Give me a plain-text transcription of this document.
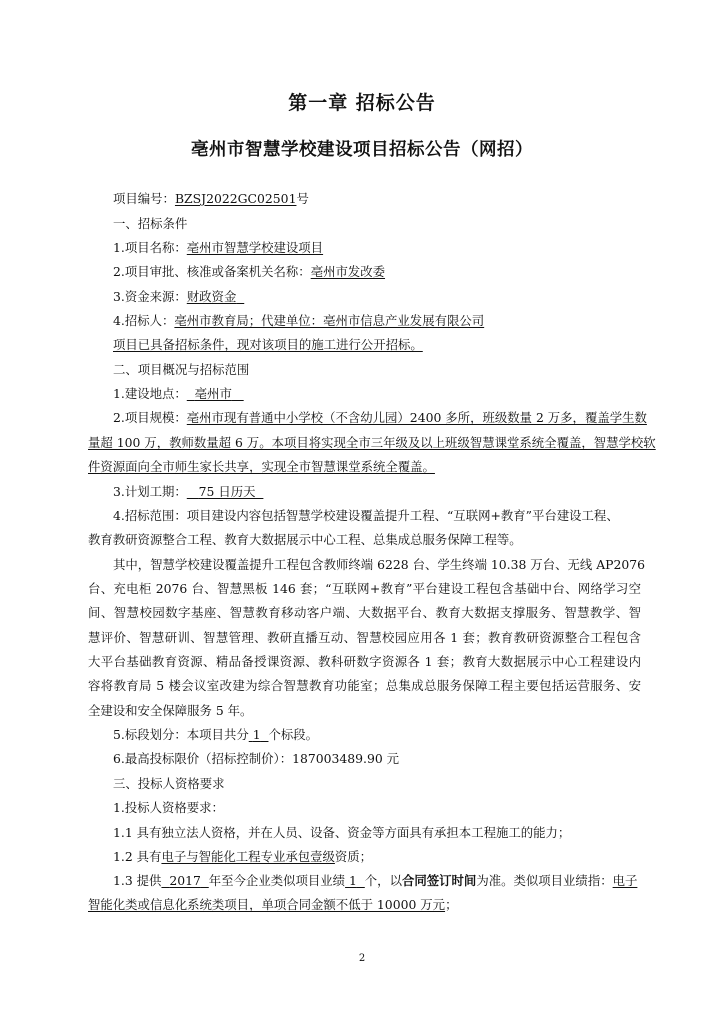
第一章 招标公告
亳州市智慧学校建设项目招标公告（网招）
项目编号：BZSJ2022GC02501号
一、招标条件
1.项目名称：亳州市智慧学校建设项目
2.项目审批、核准或备案机关名称：亳州市发改委
3.资金来源：财政资金
4.招标人：亳州市教育局；代建单位：亳州市信息产业发展有限公司
项目已具备招标条件，现对该项目的施工进行公开招标。
二、项目概况与招标范围
1.建设地点： 亳州市
2.项目规模：亳州市现有普通中小学校（不含幼儿园）2400 多所，班级数量 2 万多，覆盖学生数
量超 100 万，教师数量超 6 万。本项目将实现全市三年级及以上班级智慧课堂系统全覆盖，智慧学校软
件资源面向全市师生家长共享，实现全市智慧课堂系统全覆盖。
3.计划工期： 75 日历天
4.招标范围：项目建设内容包括智慧学校建设覆盖提升工程、“互联网+教育”平台建设工程、
教育教研资源整合工程、教育大数据展示中心工程、总集成总服务保障工程等。
其中，智慧学校建设覆盖提升工程包含教师终端 6228 台、学生终端 10.38 万台、无线 AP2076
台、充电柜 2076 台、智慧黑板 146 套；“互联网+教育”平台建设工程包含基础中台、网络学习空
间、智慧校园数字基座、智慧教育移动客户端、大数据平台、教育大数据支撑服务、智慧教学、智
慧评价、智慧研训、智慧管理、教研直播互动、智慧校园应用各 1 套；教育教研资源整合工程包含
大平台基础教育资源、精品备授课资源、教科研数字资源各 1 套；教育大数据展示中心工程建设内
容将教育局 5 楼会议室改建为综合智慧教育功能室；总集成总服务保障工程主要包括运营服务、安
全建设和安全保障服务 5 年。
5.标段划分：本项目共分 1 个标段。
6.最高投标限价（招标控制价）：187003489.90 元
三、投标人资格要求
1.投标人资格要求：
1.1 具有独立法人资格，并在人员、设备、资金等方面具有承担本工程施工的能力；
1.2 具有电子与智能化工程专业承包壹级资质；
1.3 提供 2017 年至今企业类似项目业绩 1 个，以合同签订时间为准。类似项目业绩指：电子
智能化类或信息化系统类项目，单项合同金额不低于 10000 万元；
2
